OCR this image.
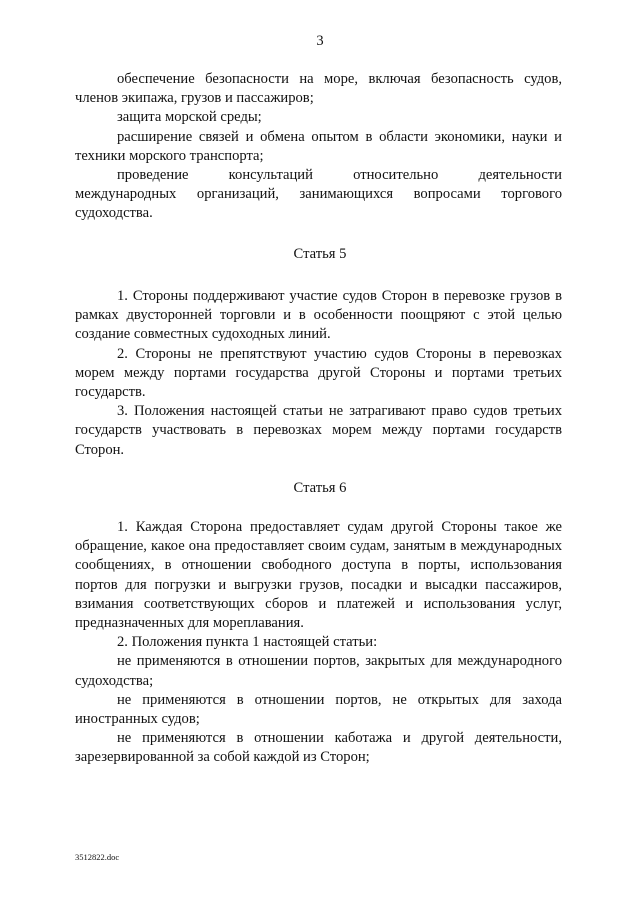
3

обеспечение безопасности на море, включая безопасность судов, членов экипажа, грузов и пассажиров;

защита морской среды;

расширение связей и обмена опытом в области экономики, науки и техники морского транспорта;

проведение консультаций относительно деятельности международных организаций, занимающихся вопросами торгового судоходства.

Статья 5

1. Стороны поддерживают участие судов Сторон в перевозке грузов в рамках двусторонней торговли и в особенности поощряют с этой целью создание совместных судоходных линий.

2. Стороны не препятствуют участию судов Стороны в перевозках морем между портами государства другой Стороны и портами третьих государств.

3. Положения настоящей статьи не затрагивают право судов третьих государств участвовать в перевозках морем между портами государств Сторон.

Статья 6

1. Каждая Сторона предоставляет судам другой Стороны такое же обращение, какое она предоставляет своим судам, занятым в международных сообщениях, в отношении свободного доступа в порты, использования портов для погрузки и выгрузки грузов, посадки и высадки пассажиров, взимания соответствующих сборов и платежей и использования услуг, предназначенных для мореплавания.

2. Положения пункта 1 настоящей статьи:

не применяются в отношении портов, закрытых для международного судоходства;

не применяются в отношении портов, не открытых для захода иностранных судов;

не применяются в отношении каботажа и другой деятельности, зарезервированной за собой каждой из Сторон;

3512822.doc
